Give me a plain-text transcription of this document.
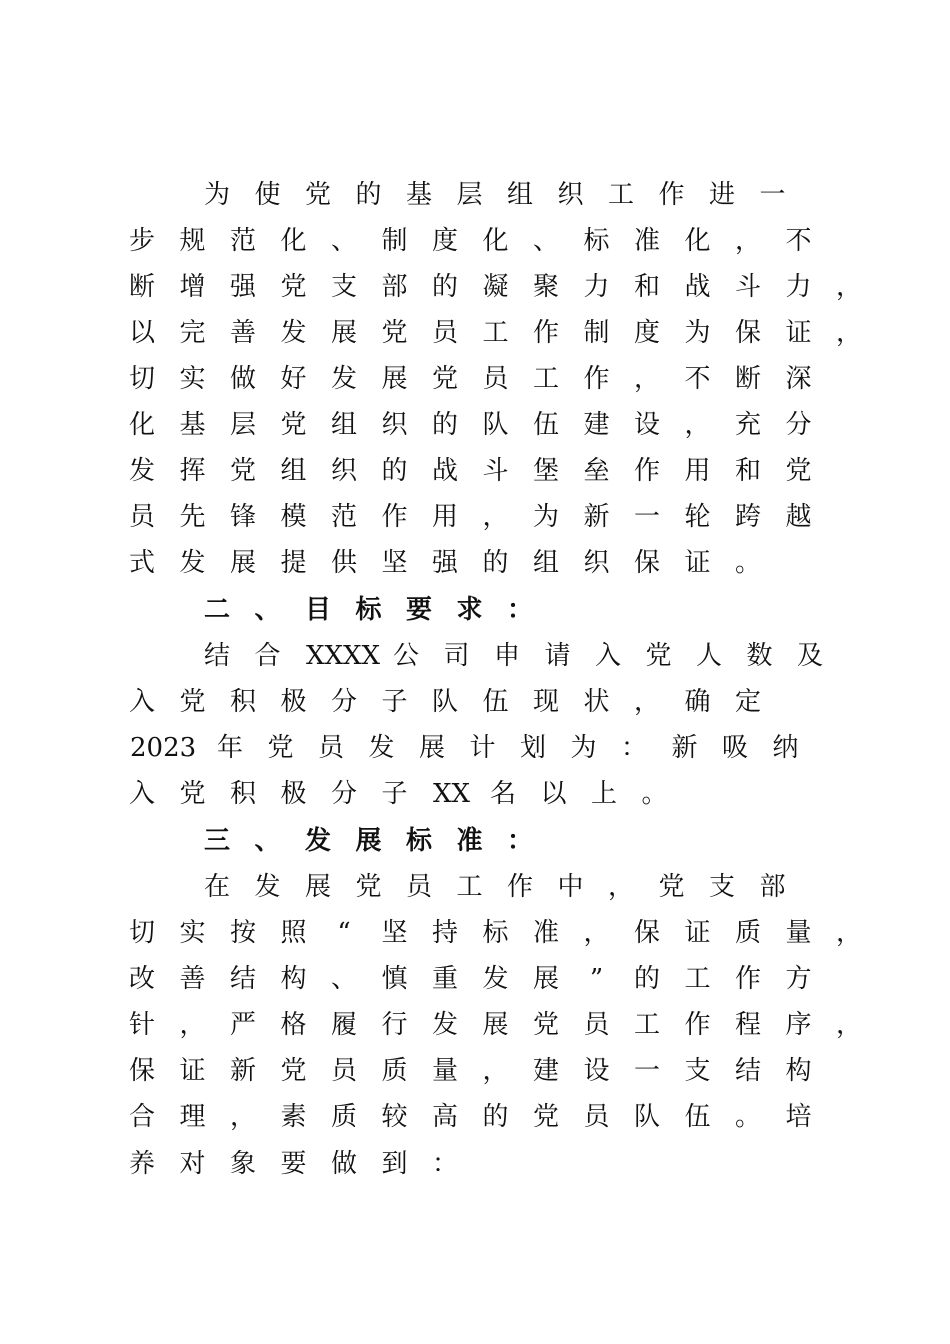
为 使 党 的 基 层 组 织 工 作 进 一
步 规 范 化 、 制 度 化 、 标 准 化 ， 不
断 增 强 党 支 部 的 凝 聚 力 和 战 斗 力 ，
以 完 善 发 展 党 员 工 作 制 度 为 保 证 ，
切 实 做 好 发 展 党 员 工 作 ， 不 断 深
化 基 层 党 组 织 的 队 伍 建 设 ， 充 分
发 挥 党 组 织 的 战 斗 堡 垒 作 用 和 党
员 先 锋 模 范 作 用 ， 为 新 一 轮 跨 越
式 发 展 提 供 坚 强 的 组 织 保 证 。
二 、 目 标 要 求 ：
结 合 XXXX 公 司 申 请 入 党 人 数 及
入 党 积 极 分 子 队 伍 现 状 ， 确 定
2023 年 党 员 发 展 计 划 为 ： 新 吸 纳
入 党 积 极 分 子 XX 名 以 上 。
三 、 发 展 标 准 ：
在 发 展 党 员 工 作 中 ， 党 支 部
切 实 按 照	“	坚 持 标 准 ， 保 证 质 量 ，
改 善 结 构 、 慎 重 发 展	”	的 工 作 方
针 ， 严 格 履 行 发 展 党 员 工 作 程 序 ，
保 证 新 党 员 质 量 ， 建 设 一 支 结 构
合 理 ， 素 质 较 高 的 党 员 队 伍 。 培
养 对 象 要 做 到 ：
